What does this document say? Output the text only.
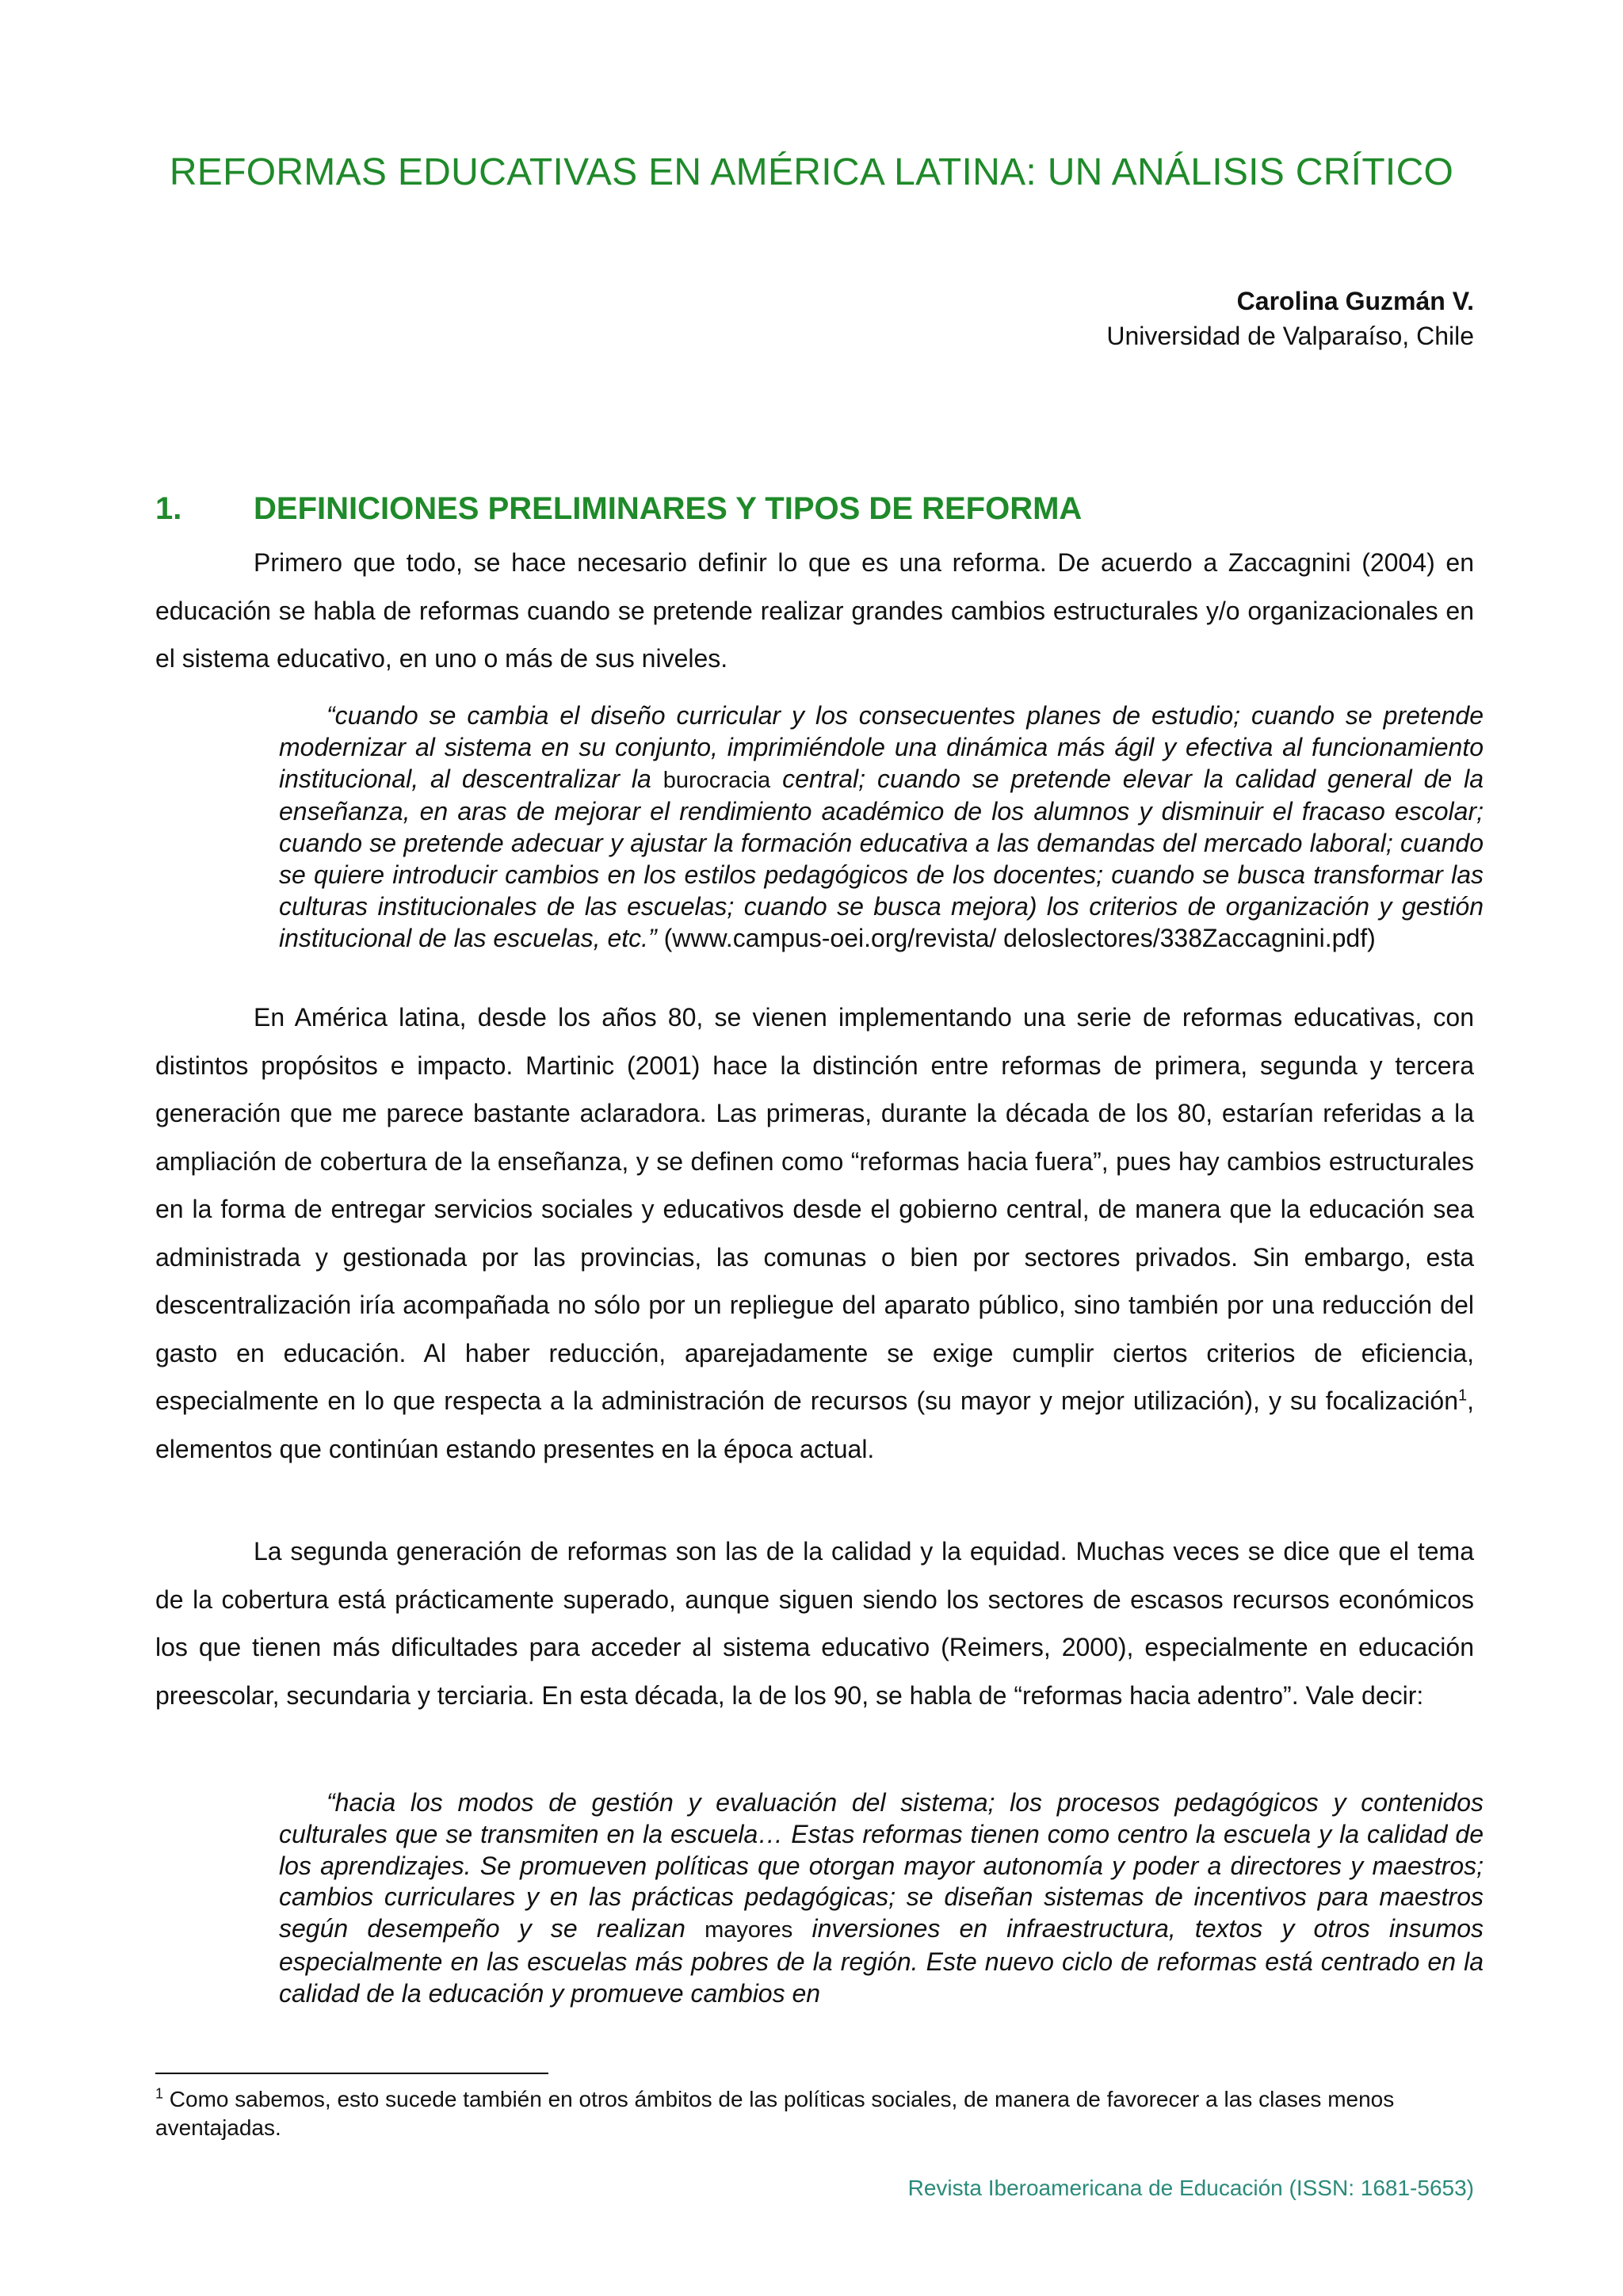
REFORMAS EDUCATIVAS EN AMÉRICA LATINA: UN ANÁLISIS CRÍTICO
Carolina Guzmán V.
Universidad de Valparaíso, Chile
1. DEFINICIONES PRELIMINARES Y TIPOS DE REFORMA
Primero que todo, se hace necesario definir lo que es una reforma. De acuerdo a Zaccagnini (2004) en educación se habla de reformas cuando se pretende realizar grandes cambios estructurales y/o organizacionales en el sistema educativo, en uno o más de sus niveles.
“cuando se cambia el diseño curricular y los consecuentes planes de estudio; cuando se pretende modernizar al sistema en su conjunto, imprimiéndole una dinámica más ágil y efectiva al funcionamiento institucional, al descentralizar la burocracia central; cuando se pretende elevar la calidad general de la enseñanza, en aras de mejorar el rendimiento académico de los alumnos y disminuir el fracaso escolar; cuando se pretende adecuar y ajustar la formación educativa a las demandas del mercado laboral; cuando se quiere introducir cambios en los estilos pedagógicos de los docentes; cuando se busca transformar las culturas institucionales de las escuelas; cuando se busca mejora) los criterios de organización y gestión institucional de las escuelas, etc.” (www.campus-oei.org/revista/ deloslectores/338Zaccagnini.pdf)
En América latina, desde los años 80, se vienen implementando una serie de reformas educativas, con distintos propósitos e impacto. Martinic (2001) hace la distinción entre reformas de primera, segunda y tercera generación que me parece bastante aclaradora. Las primeras, durante la década de los 80, estarían referidas a la ampliación de cobertura de la enseñanza, y se definen como “reformas hacia fuera”, pues hay cambios estructurales en la forma de entregar servicios sociales y educativos desde el gobierno central, de manera que la educación sea administrada y gestionada por las provincias, las comunas o bien por sectores privados. Sin embargo, esta descentralización iría acompañada no sólo por un repliegue del aparato público, sino también por una reducción del gasto en educación. Al haber reducción, aparejadamente se exige cumplir ciertos criterios de eficiencia, especialmente en lo que respecta a la administración de recursos (su mayor y mejor utilización), y su focalización$^1$, elementos que continúan estando presentes en la época actual.
La segunda generación de reformas son las de la calidad y la equidad. Muchas veces se dice que el tema de la cobertura está prácticamente superado, aunque siguen siendo los sectores de escasos recursos económicos los que tienen más dificultades para acceder al sistema educativo (Reimers, 2000), especialmente en educación preescolar, secundaria y terciaria. En esta década, la de los 90, se habla de “reformas hacia adentro”. Vale decir:
“hacia los modos de gestión y evaluación del sistema; los procesos pedagógicos y contenidos culturales que se transmiten en la escuela… Estas reformas tienen como centro la escuela y la calidad de los aprendizajes. Se promueven políticas que otorgan mayor autonomía y poder a directores y maestros; cambios curriculares y en las prácticas pedagógicas; se diseñan sistemas de incentivos para maestros según desempeño y se realizan mayores inversiones en infraestructura, textos y otros insumos especialmente en las escuelas más pobres de la región. Este nuevo ciclo de reformas está centrado en la calidad de la educación y promueve cambios en
$^1$ Como sabemos, esto sucede también en otros ámbitos de las políticas sociales, de manera de favorecer a las clases menos aventajadas.
Revista Iberoamericana de Educación (ISSN: 1681-5653)
